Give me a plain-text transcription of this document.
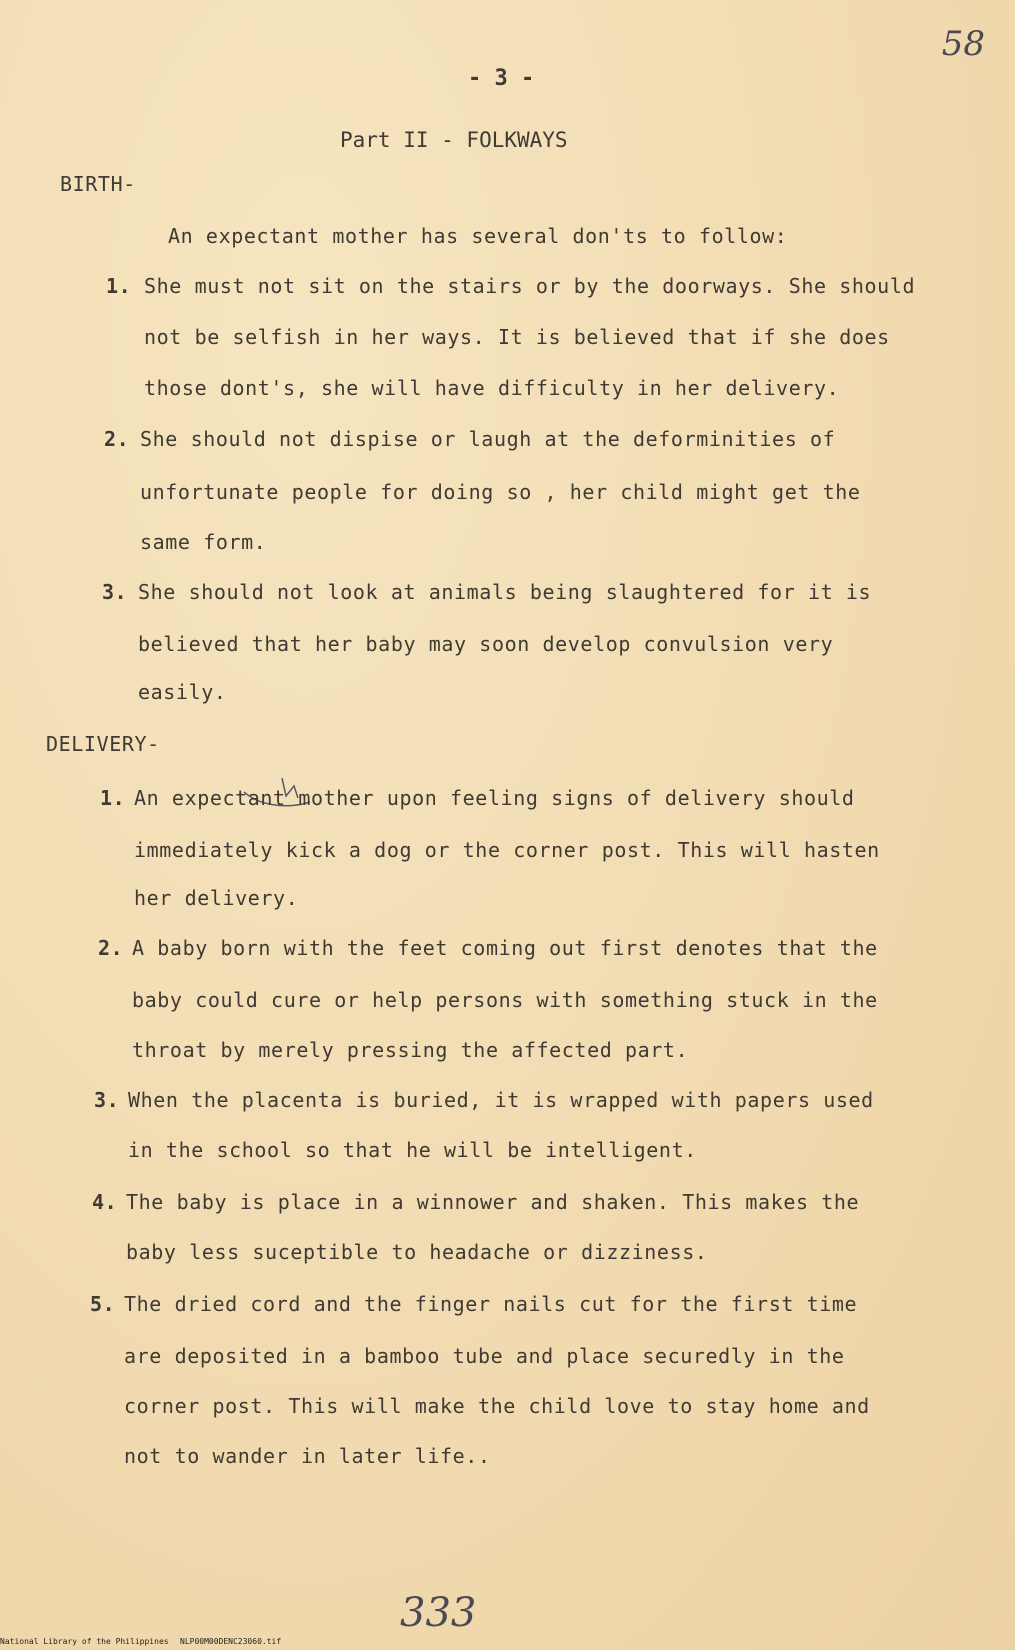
58
- 3 -
Part II - FOLKWAYS
BIRTH-
An expectant mother has several don'ts to follow:
1. She must not sit on the stairs or by the doorways. She should
not be selfish in her ways. It is believed that if she does
those dont's, she will have difficulty in her delivery.
2. She should not dispise or laugh at the deforminities of
unfortunate people for doing so , her child might get the
same form.
3. She should not look at animals being slaughtered for it is
believed that her baby may soon develop convulsion very
easily.
DELIVERY-
1. An expectant mother upon feeling signs of delivery should
immediately kick a dog or the corner post. This will hasten
her delivery.
2. A baby born with the feet coming out first denotes that the
baby could cure or help persons with something stuck in the
throat by merely pressing the affected part.
3. When the placenta is buried, it is wrapped with papers used
in the school so that he will be intelligent.
4. The baby is place in a winnower and shaken. This makes the
baby less suceptible to headache or dizziness.
5. The dried cord and the finger nails cut for the first time
are deposited in a bamboo tube and place securedly in the
corner post. This will make the child love to stay home and
not to wander in later life..
333
National Library of the Philippines NLP00M00DENC23060.tif
